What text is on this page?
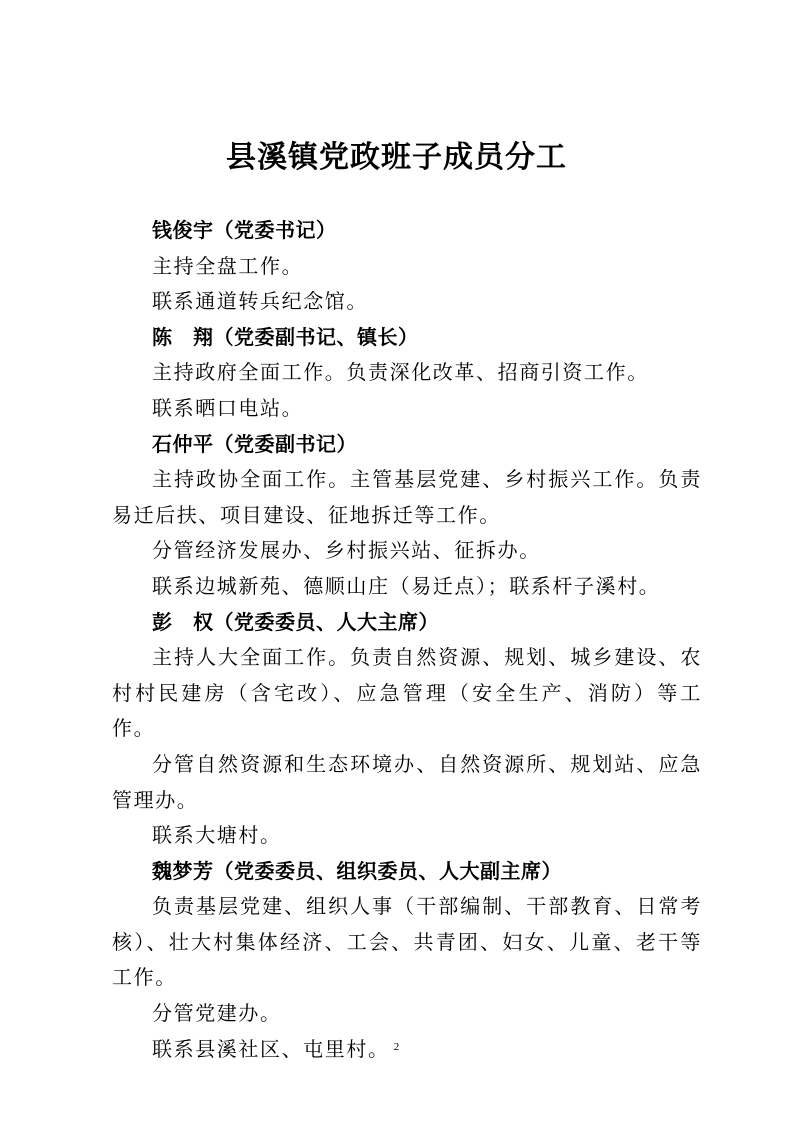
县溪镇党政班子成员分工

钱俊宇（党委书记）

主持全盘工作。

联系通道转兵纪念馆。

陈　翔（党委副书记、镇长）

主持政府全面工作。负责深化改革、招商引资工作。

联系晒口电站。

石仲平（党委副书记）

主持政协全面工作。主管基层党建、乡村振兴工作。负责易迁后扶、项目建设、征地拆迁等工作。

分管经济发展办、乡村振兴站、征拆办。

联系边城新苑、德顺山庄（易迁点）；联系杆子溪村。

彭　权（党委委员、人大主席）

主持人大全面工作。负责自然资源、规划、城乡建设、农村村民建房（含宅改）、应急管理（安全生产、消防）等工作。

分管自然资源和生态环境办、自然资源所、规划站、应急管理办。

联系大塘村。

魏梦芳（党委委员、组织委员、人大副主席）

负责基层党建、组织人事（干部编制、干部教育、日常考核）、壮大村集体经济、工会、共青团、妇女、儿童、老干等工作。

分管党建办。

联系县溪社区、屯里村。 2
